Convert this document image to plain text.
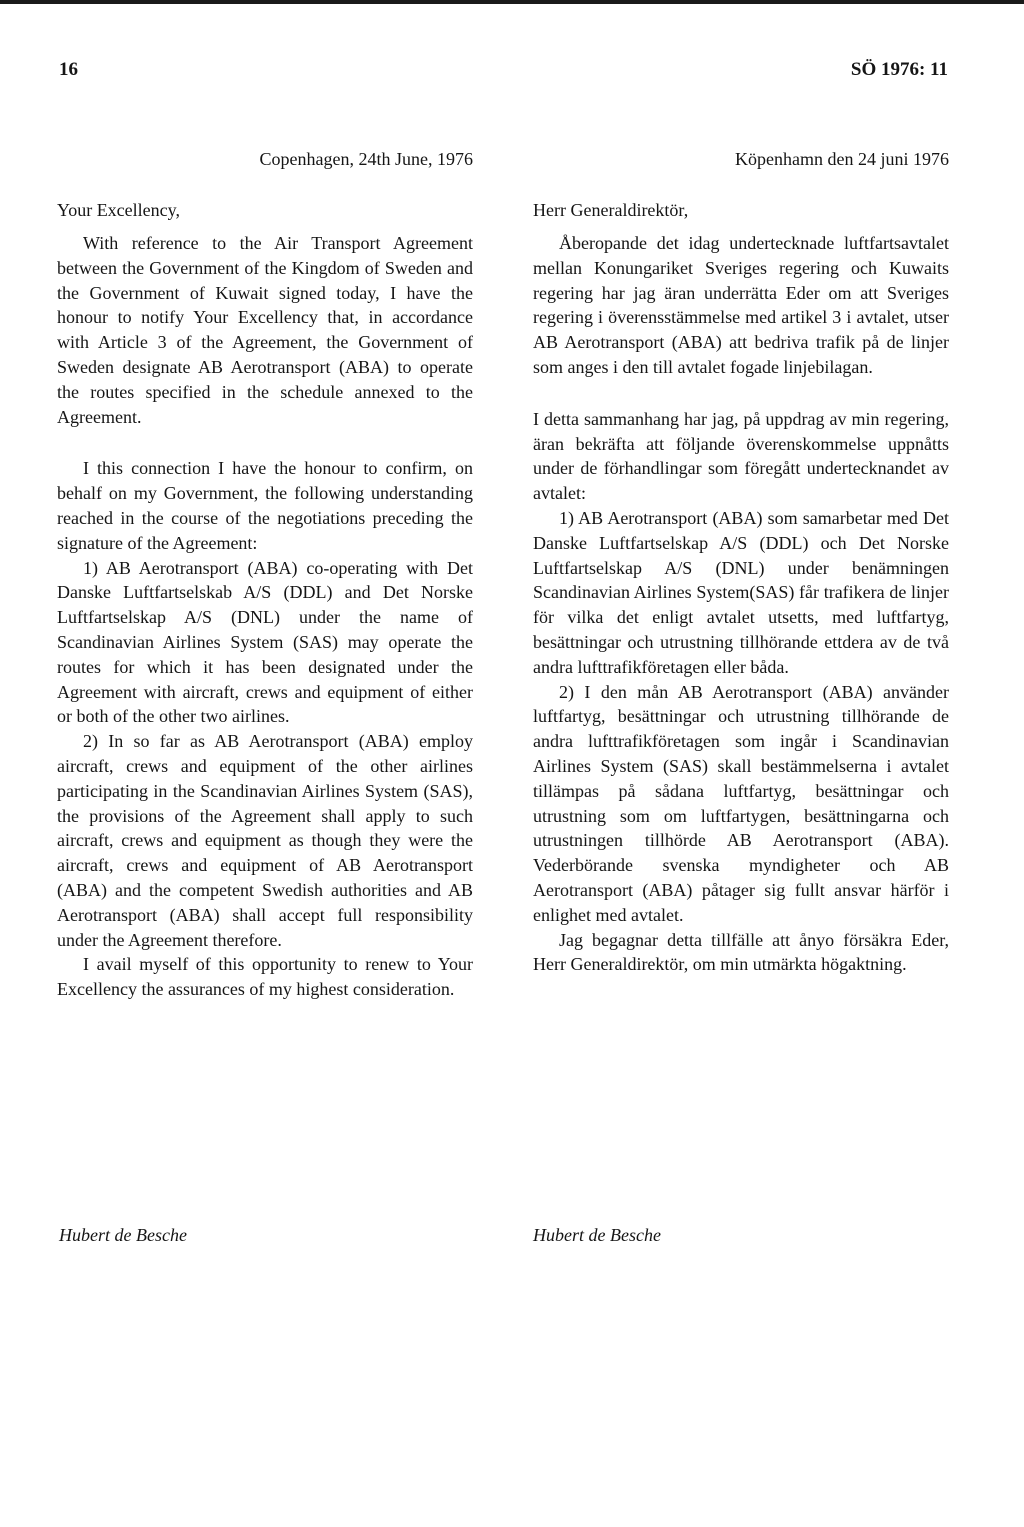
16	SÖ 1976: 11
Copenhagen, 24th June, 1976
Your Excellency,

With reference to the Air Transport Agreement between the Government of the Kingdom of Sweden and the Government of Kuwait signed today, I have the honour to notify Your Excellency that, in accordance with Article 3 of the Agreement, the Government of Sweden designate AB Aerotransport (ABA) to operate the routes specified in the schedule annexed to the Agreement.

I this connection I have the honour to confirm, on behalf on my Government, the following understanding reached in the course of the negotiations preceding the signature of the Agreement:

1) AB Aerotransport (ABA) co-operating with Det Danske Luftfartselskab A/S (DDL) and Det Norske Luftfartselskap A/S (DNL) under the name of Scandinavian Airlines System (SAS) may operate the routes for which it has been designated under the Agreement with aircraft, crews and equipment of either or both of the other two airlines.

2) In so far as AB Aerotransport (ABA) employ aircraft, crews and equipment of the other airlines participating in the Scandinavian Airlines System (SAS), the provisions of the Agreement shall apply to such aircraft, crews and equipment as though they were the aircraft, crews and equipment of AB Aerotransport (ABA) and the competent Swedish authorities and AB Aerotransport (ABA) shall accept full responsibility under the Agreement therefore.

I avail myself of this opportunity to renew to Your Excellency the assurances of my highest consideration.

Köpenhamn den 24 juni 1976
Herr Generaldirektör,

Åberopande det idag undertecknade luftfartsavtalet mellan Konungariket Sveriges regering och Kuwaits regering har jag äran underrätta Eder om att Sveriges regering i överensstämmelse med artikel 3 i avtalet, utser AB Aerotransport (ABA) att bedriva trafik på de linjer som anges i den till avtalet fogade linjebilagan.

I detta sammanhang har jag, på uppdrag av min regering, äran bekräfta att följande överenskommelse uppnåtts under de förhandlingar som föregått undertecknandet av avtalet:

1) AB Aerotransport (ABA) som samarbetar med Det Danske Luftfartselskap A/S (DDL) och Det Norske Luftfartselskap A/S (DNL) under benämningen Scandinavian Airlines System(SAS) får trafikera de linjer för vilka det enligt avtalet utsetts, med luftfartyg, besättningar och utrustning tillhörande ettdera av de två andra lufttrafikföretagen eller båda.

2) I den mån AB Aerotransport (ABA) använder luftfartyg, besättningar och utrustning tillhörande de andra lufttrafikföretagen som ingår i Scandinavian Airlines System (SAS) skall bestämmelserna i avtalet tillämpas på sådana luftfartyg, besättningar och utrustning som om luftfartygen, besättningarna och utrustningen tillhörde AB Aerotransport (ABA). Vederbörande svenska myndigheter och AB Aerotransport (ABA) påtager sig fullt ansvar härför i enlighet med avtalet.

Jag begagnar detta tillfälle att ånyo försäkra Eder, Herr Generaldirektör, om min utmärkta högaktning.

Hubert de Besche	Hubert de Besche
